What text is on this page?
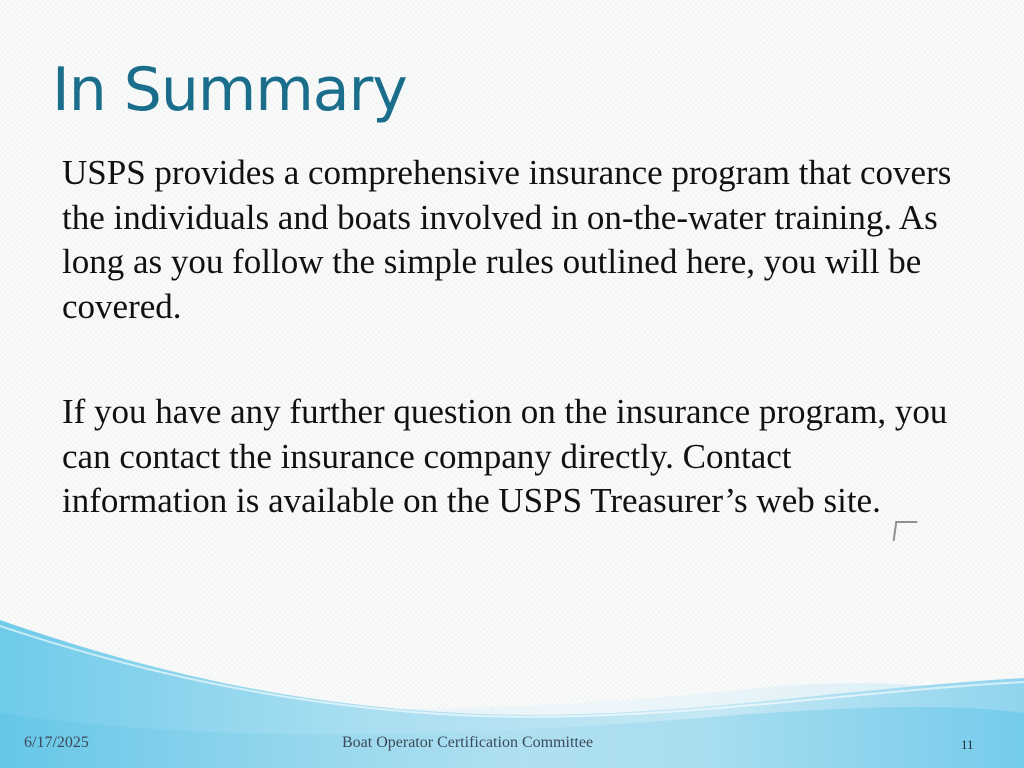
In Summary

USPS provides a comprehensive insurance program that covers the individuals and boats involved in on-the-water training. As long as you follow the simple rules outlined here, you will be covered.

If you have any further question on the insurance program, you can contact the insurance company directly. Contact information is available on the USPS Treasurer’s web site.

6/17/2025	Boat Operator Certification Committee	11
